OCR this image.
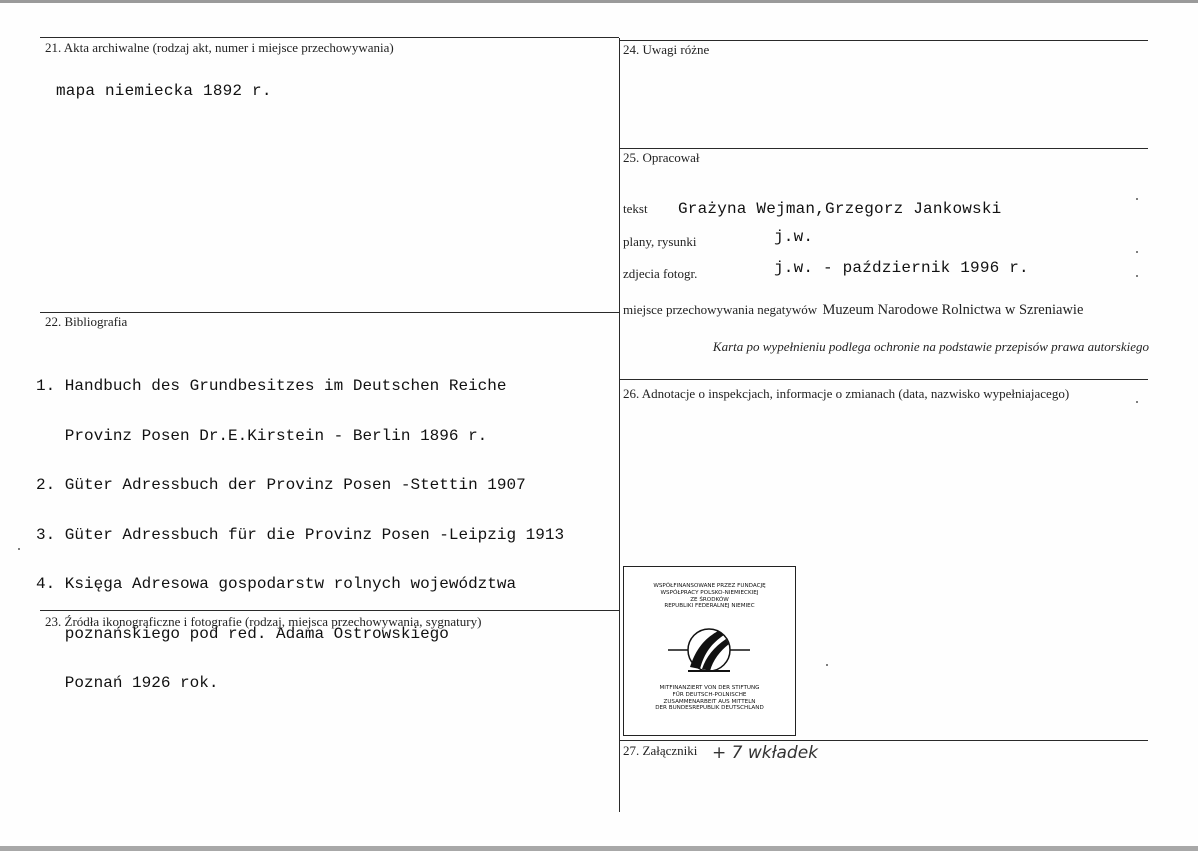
21. Akta archiwalne (rodzaj akt, numer i miejsce przechowywania)
mapa niemiecka 1892 r.
22. Bibliografia

1. Handbuch des Grundbesitzes im Deutschen Reiche

Provinz Posen Dr.E.Kirstein - Berlin 1896 r.

2. Güter Adressbuch der Provinz Posen -Stettin 1907

3. Güter Adressbuch für die Provinz Posen -Leipzig 1913

4. Księga Adresowa gospodarstw rolnych województwa

poznańskiego pod red. Adama Ostrowskiego

Poznań 1926 rok.

23. Źródła ikonograficzne i fotografie (rodzaj, miejsca przechowywania, sygnatury)
24. Uwagi różne
25. Opracował
tekst Grażyna Wejman,Grzegorz Jankowski
plany, rysunki	j.w.
zdjecia fotogr.	j.w. - październik 1996 r.
miejsce przechowywania negatywów Muzeum Narodowe Rolnictwa w Szreniawie
Karta po wypełnieniu podlega ochronie na podstawie przepisów prawa autorskiego
26. Adnotacje o inspekcjach, informacje o zmianach (data, nazwisko wypełniajacego)
WSPÓŁFINANSOWANE PRZEZ FUNDACJĘ
WSPÓŁPRACY POLSKO-NIEMIECKIEJ
ZE ŚRODKÓW
REPUBLIKI FEDERALNEJ NIEMIEC
MITFINANZIERT VON DER STIFTUNG
FÜR DEUTSCH-POLNISCHE
ZUSAMMENARBEIT AUS MITTELN
DER BUNDESREPUBLIK DEUTSCHLAND
27. Załączniki + 7 wkładek
